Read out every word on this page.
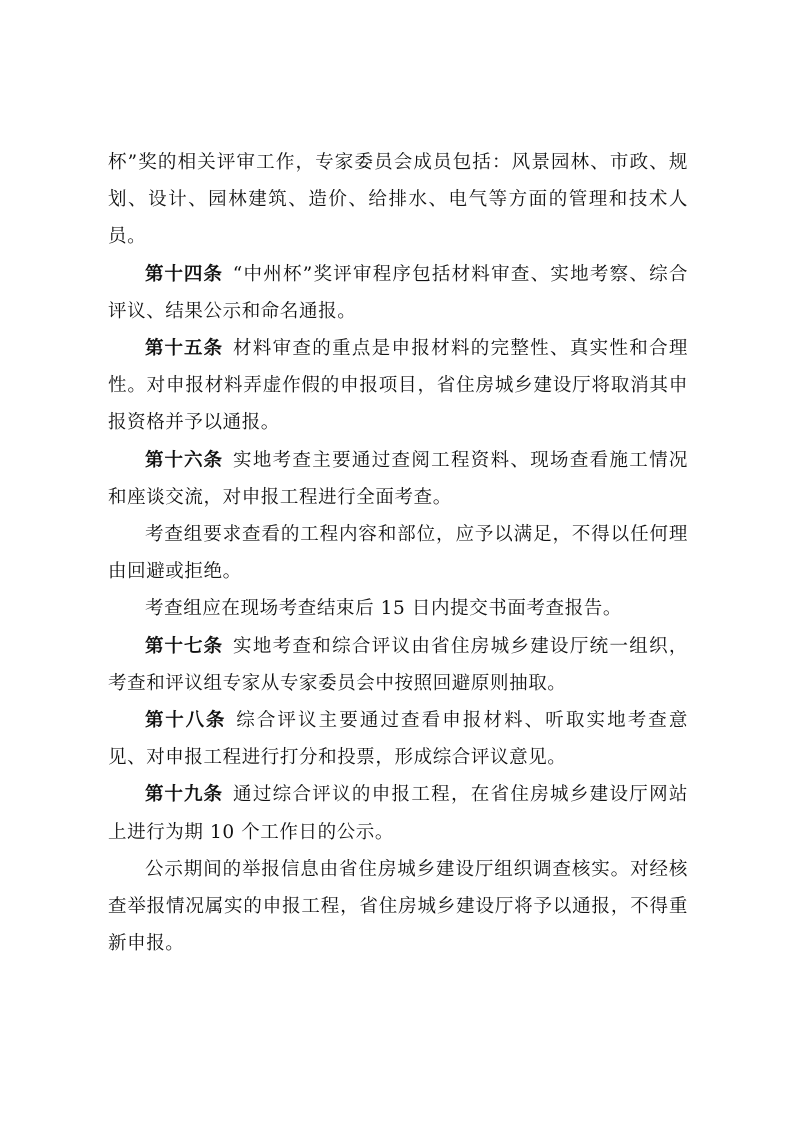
杯”奖的相关评审工作，专家委员会成员包括：风景园林、市政、规划、设计、园林建筑、造价、给排水、电气等方面的管理和技术人员。

第十四条 “中州杯”奖评审程序包括材料审查、实地考察、综合评议、结果公示和命名通报。

第十五条 材料审查的重点是申报材料的完整性、真实性和合理性。对申报材料弄虚作假的申报项目，省住房城乡建设厅将取消其申报资格并予以通报。

第十六条 实地考查主要通过查阅工程资料、现场查看施工情况和座谈交流，对申报工程进行全面考查。

考查组要求查看的工程内容和部位，应予以满足，不得以任何理由回避或拒绝。

考查组应在现场考查结束后 15 日内提交书面考查报告。

第十七条 实地考查和综合评议由省住房城乡建设厅统一组织，考查和评议组专家从专家委员会中按照回避原则抽取。

第十八条 综合评议主要通过查看申报材料、听取实地考查意见、对申报工程进行打分和投票，形成综合评议意见。

第十九条 通过综合评议的申报工程，在省住房城乡建设厅网站上进行为期 10 个工作日的公示。

公示期间的举报信息由省住房城乡建设厅组织调查核实。对经核查举报情况属实的申报工程，省住房城乡建设厅将予以通报，不得重新申报。
